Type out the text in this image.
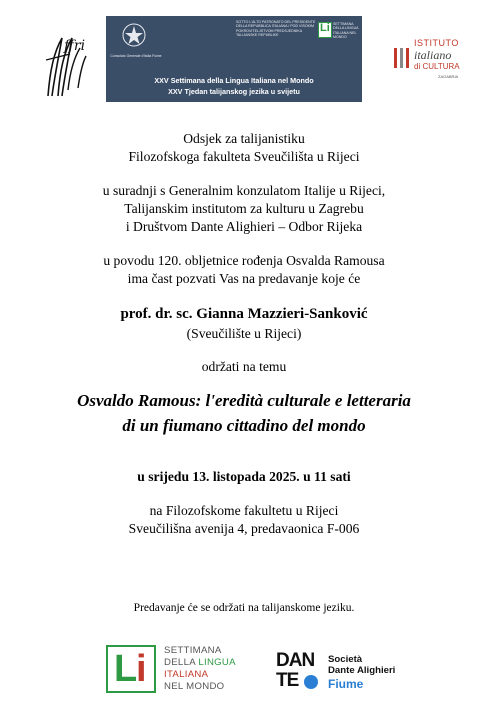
ffri
Consolato Generale d'Italia Fiume
SOTTO L'ALTO PATRONATO DEL PRESIDENTE DELLA REPUBBLICA ITALIANA / POD VISOKIM POKROVITELJSTVOM PREDSJEDNIKA TALIJANSKE REPUBLIKE
Li SETTIMANA DELLA LINGUA ITALIANA NEL MONDO
XXV Settimana della Lingua Italiana nel Mondo
XXV Tjedan talijanskog jezika u svijetu
ISTITUTO
italiano
di CULTURA
ZAGABRIA
Odsjek za talijanistiku
Filozofskoga fakulteta Sveučilišta u Rijeci
u suradnji s Generalnim konzulatom Italije u Rijeci,
Talijanskim institutom za kulturu u Zagrebu
i Društvom Dante Alighieri – Odbor Rijeka
u povodu 120. obljetnice rođenja Osvalda Ramousa
ima čast pozvati Vas na predavanje koje će
prof. dr. sc. Gianna Mazzieri-Sanković
(Sveučilište u Rijeci)
održati na temu
Osvaldo Ramous: l'eredità culturale e letteraria
di un fiumano cittadino del mondo
u srijedu 13. listopada 2025. u 11 sati
na Filozofskome fakultetu u Rijeci
Sveučilišna avenija 4, predavaonica F-006
Predavanje će se održati na talijanskome jeziku.
L
i SETTIMANA
DELLA LINGUA
ITALIANA
NEL MONDO
DAN
TE
Società
Dante Alighieri
Fiume
